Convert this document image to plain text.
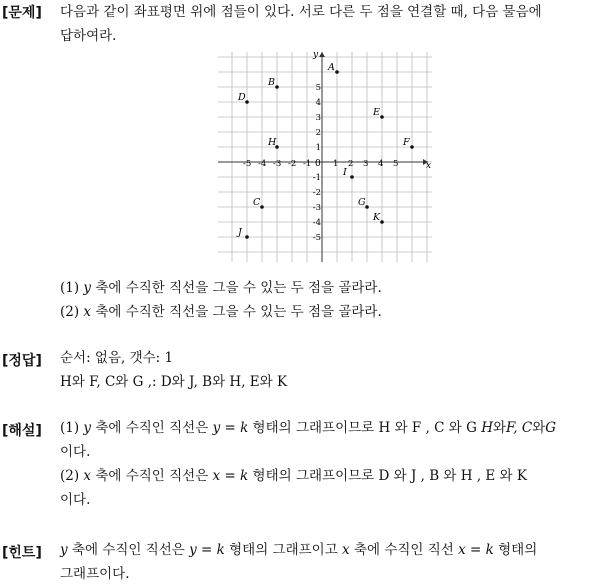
[문제] 다음과 같이 좌표평면 위에 점들이 있다. 서로 다른 두 점을 연결할 때, 다음 물음에
답하여라.
x
y
0
-5 -4 -3 -2 -1	1 2 3 4 5
5
4
3
2
1
-1
-2
-3
-4
-5
A
B
D
E
H	F
I
C	G
K
J
(1) y 축에 수직한 직선을 그을 수 있는 두 점을 골라라.
(2) x 축에 수직한 직선을 그을 수 있는 두 점을 골라라.
[정답] 순서: 없음, 갯수: 1
H와 F, C와 G ,: D와 J, B와 H, E와 K
[해설] (1) y 축에 수직인 직선은 y = k 형태의 그래프이므로 H 와 F , C 와 G H와F, C와G
이다.
(2) x 축에 수직인 직선은 x = k 형태의 그래프이므로 D 와 J , B 와 H , E 와 K
이다.
[힌트] y 축에 수직인 직선은 y = k 형태의 그래프이고 x 축에 수직인 직선 x = k 형태의
그래프이다.
